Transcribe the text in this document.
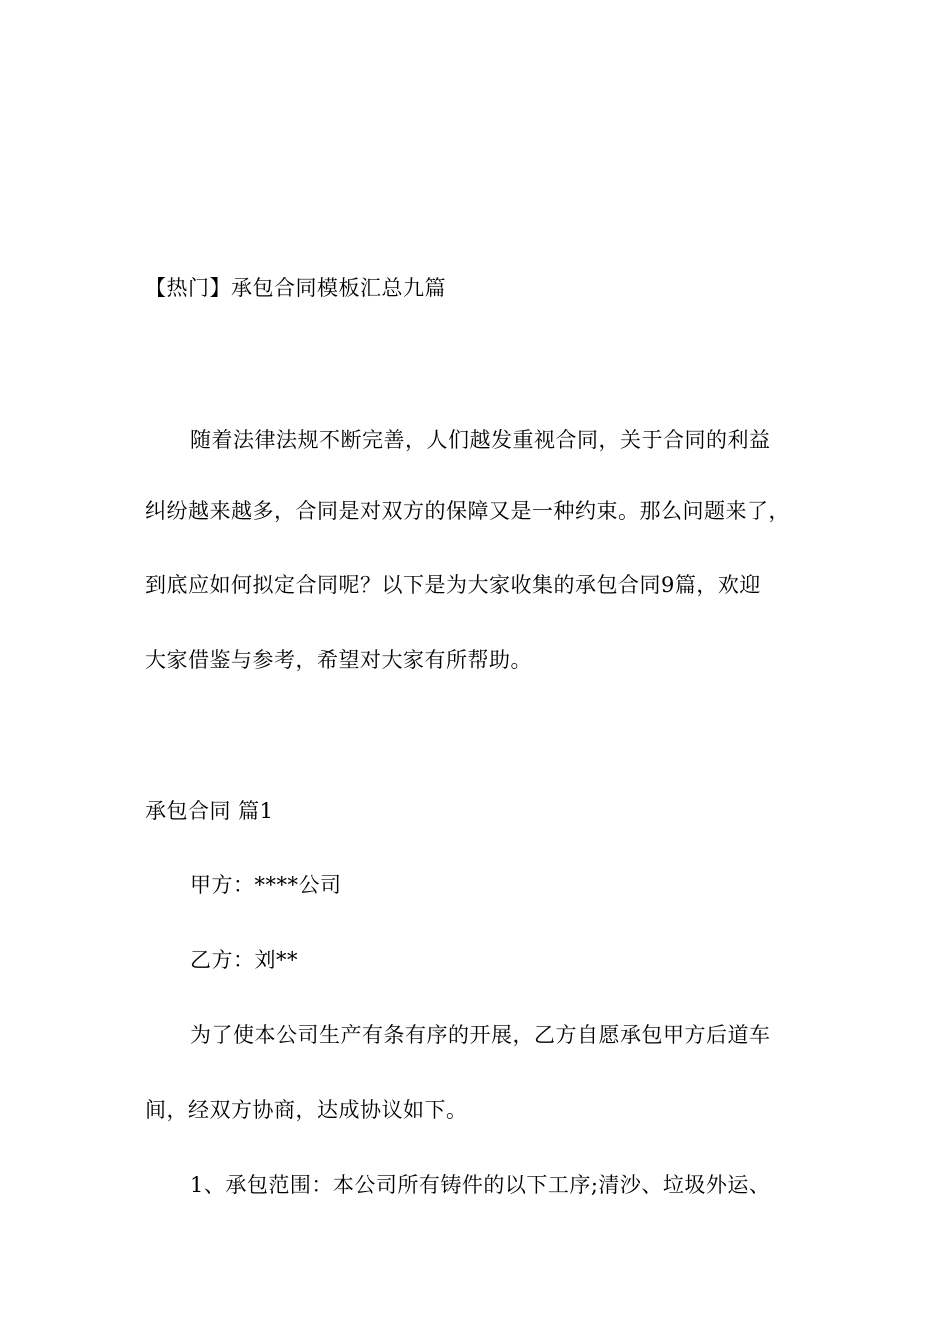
【热门】承包合同模板汇总九篇
随着法律法规不断完善，人们越发重视合同，关于合同的利益
纠纷越来越多，合同是对双方的保障又是一种约束。那么问题来了，
到底应如何拟定合同呢？以下是为大家收集的承包合同9篇，欢迎
大家借鉴与参考，希望对大家有所帮助。
承包合同 篇1
甲方：****公司
乙方：刘**
为了使本公司生产有条有序的开展，乙方自愿承包甲方后道车
间，经双方协商，达成协议如下。
1、承包范围：本公司所有铸件的以下工序;清沙、垃圾外运、
